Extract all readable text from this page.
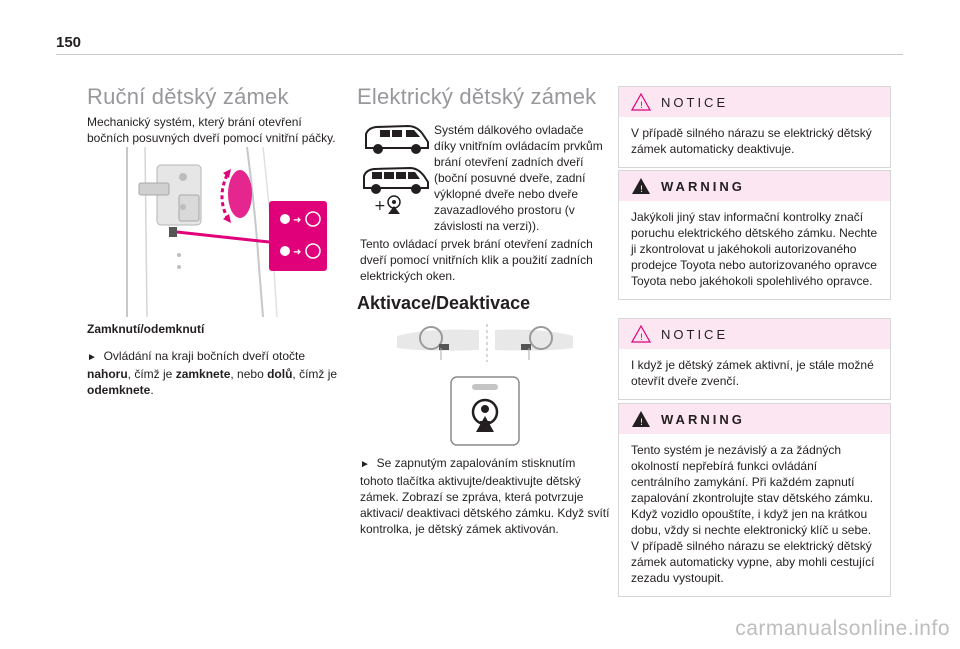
150
Ruční dětský zámek

Mechanický systém, který brání otevření bočních posuvných dveří pomocí vnitřní páčky.

➜
➜
Zamknutí/odemknutí

► Ovládání na kraji bočních dveří otočte nahoru, čímž je zamknete, nebo dolů, čímž je odemknete.

Elektrický dětský zámek
+

Systém dálkového ovladače díky vnitřním ovládacím prvkům brání otevření zadních dveří (boční posuvné dveře, zadní výklopné dveře nebo dveře zavazadlového prostoru (v závislosti na verzi)).

Tento ovládací prvek brání otevření zadních dveří pomocí vnitřních klik a použití zadních elektrických oken.

Aktivace/Deaktivace

► Se zapnutým zapalováním stisknutím tohoto tlačítka aktivujte/deaktivujte dětský zámek. Zobrazí se zpráva, která potvrzuje aktivaci/ deaktivaci dětského zámku. Když svítí kontrolka, je dětský zámek aktivován.

! NOTICE
V případě silného nárazu se elektrický dětský zámek automaticky deaktivuje.
! WARNING
Jakýkoli jiný stav informační kontrolky značí poruchu elektrického dětského zámku. Nechte ji zkontrolovat u jakéhokoli autorizovaného prodejce Toyota nebo autorizovaného opravce Toyota nebo jakéhokoli spolehlivého opravce.
! NOTICE
I když je dětský zámek aktivní, je stále možné otevřít dveře zvenčí.
! WARNING
Tento systém je nezávislý a za žádných okolností nepřebírá funkci ovládání centrálního zamykání. Při každém zapnutí zapalování zkontrolujte stav dětského zámku. Když vozidlo opouštíte, i když jen na krátkou dobu, vždy si nechte elektronický klíč u sebe. V případě silného nárazu se elektrický dětský zámek automaticky vypne, aby mohli cestující zezadu vystoupit.
carmanualsonline.info
